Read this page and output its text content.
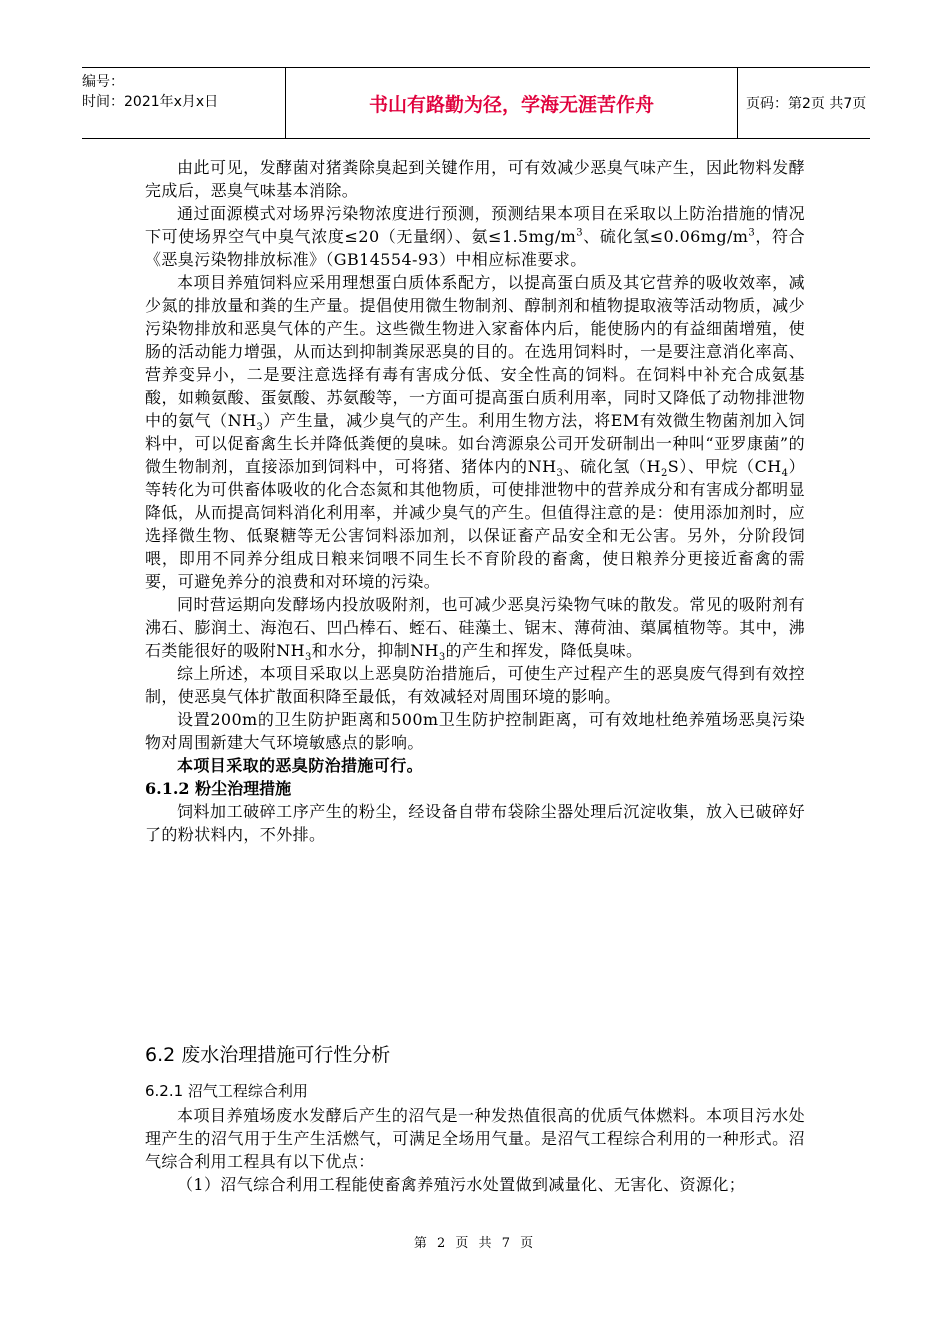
编号：
时间：2021年x月x日	书山有路勤为径，学海无涯苦作舟	页码：第2页 共7页

由此可见，发酵菌对猪粪除臭起到关键作用，可有效减少恶臭气味产生，因此物料发酵完成后，恶臭气味基本消除。

通过面源模式对场界污染物浓度进行预测，预测结果本项目在采取以上防治措施的情况下可使场界空气中臭气浓度≤20（无量纲）、氨$\le 1.5mg/m^3$、硫化氢$\le 0.06mg/m^3$，符合《恶臭污染物排放标准》（GB14554-93）中相应标准要求。

本项目养殖饲料应采用理想蛋白质体系配方，以提高蛋白质及其它营养的吸收效率，减少氮的排放量和粪的生产量。提倡使用微生物制剂、醇制剂和植物提取液等活动物质，减少污染物排放和恶臭气体的产生。这些微生物进入家畜体内后，能使肠内的有益细菌增殖，使肠的活动能力增强，从而达到抑制粪尿恶臭的目的。在选用饲料时，一是要注意消化率高、营养变异小，二是要注意选择有毒有害成分低、安全性高的饲料。在饲料中补充合成氨基酸，如赖氨酸、蛋氨酸、苏氨酸等，一方面可提高蛋白质利用率，同时又降低了动物排泄物中的氨气$(NH_3)$产生量，减少臭气的产生。利用生物方法，将EM有效微生物菌剂加入饲料中，可以促畜禽生长并降低粪便的臭味。如台湾源泉公司开发研制出一种叫“亚罗康菌”的微生物制剂，直接添加到饲料中，可将猪、猪体内的$NH_3$、硫化氢$(H_2S)$、甲烷$(CH_4)$等转化为可供畜体吸收的化合态氮和其他物质，可使排泄物中的营养成分和有害成分都明显降低，从而提高饲料消化利用率，并减少臭气的产生。但值得注意的是：使用添加剂时，应选择微生物、低聚糖等无公害饲料添加剂，以保证畜产品安全和无公害。另外，分阶段饲喂，即用不同养分组成日粮来饲喂不同生长不育阶段的畜禽，使日粮养分更接近畜禽的需要，可避免养分的浪费和对环境的污染。

同时营运期向发酵场内投放吸附剂，也可减少恶臭污染物气味的散发。常见的吸附剂有沸石、膨润土、海泡石、凹凸棒石、蛭石、硅藻土、锯末、薄荷油、蕖属植物等。其中，沸石类能很好的吸附$NH_3$和水分，抑制$NH_3$的产生和挥发，降低臭味。

综上所述，本项目采取以上恶臭防治措施后，可使生产过程产生的恶臭废气得到有效控制，使恶臭气体扩散面积降至最低，有效减轻对周围环境的影响。

设置200m的卫生防护距离和500m卫生防护控制距离，可有效地杜绝养殖场恶臭污染物对周围新建大气环境敏感点的影响。

本项目采取的恶臭防治措施可行。

6.1.2 粉尘治理措施

饲料加工破碎工序产生的粉尘，经设备自带布袋除尘器处理后沉淀收集，放入已破碎好了的粉状料内，不外排。

6.2 废水治理措施可行性分析

6.2.1 沼气工程综合利用

本项目养殖场废水发酵后产生的沼气是一种发热值很高的优质气体燃料。本项目污水处理产生的沼气用于生产生活燃气，可满足全场用气量。是沼气工程综合利用的一种形式。沼气综合利用工程具有以下优点：

（1）沼气综合利用工程能使畜禽养殖污水处置做到减量化、无害化、资源化；

第 2 页 共 7 页
